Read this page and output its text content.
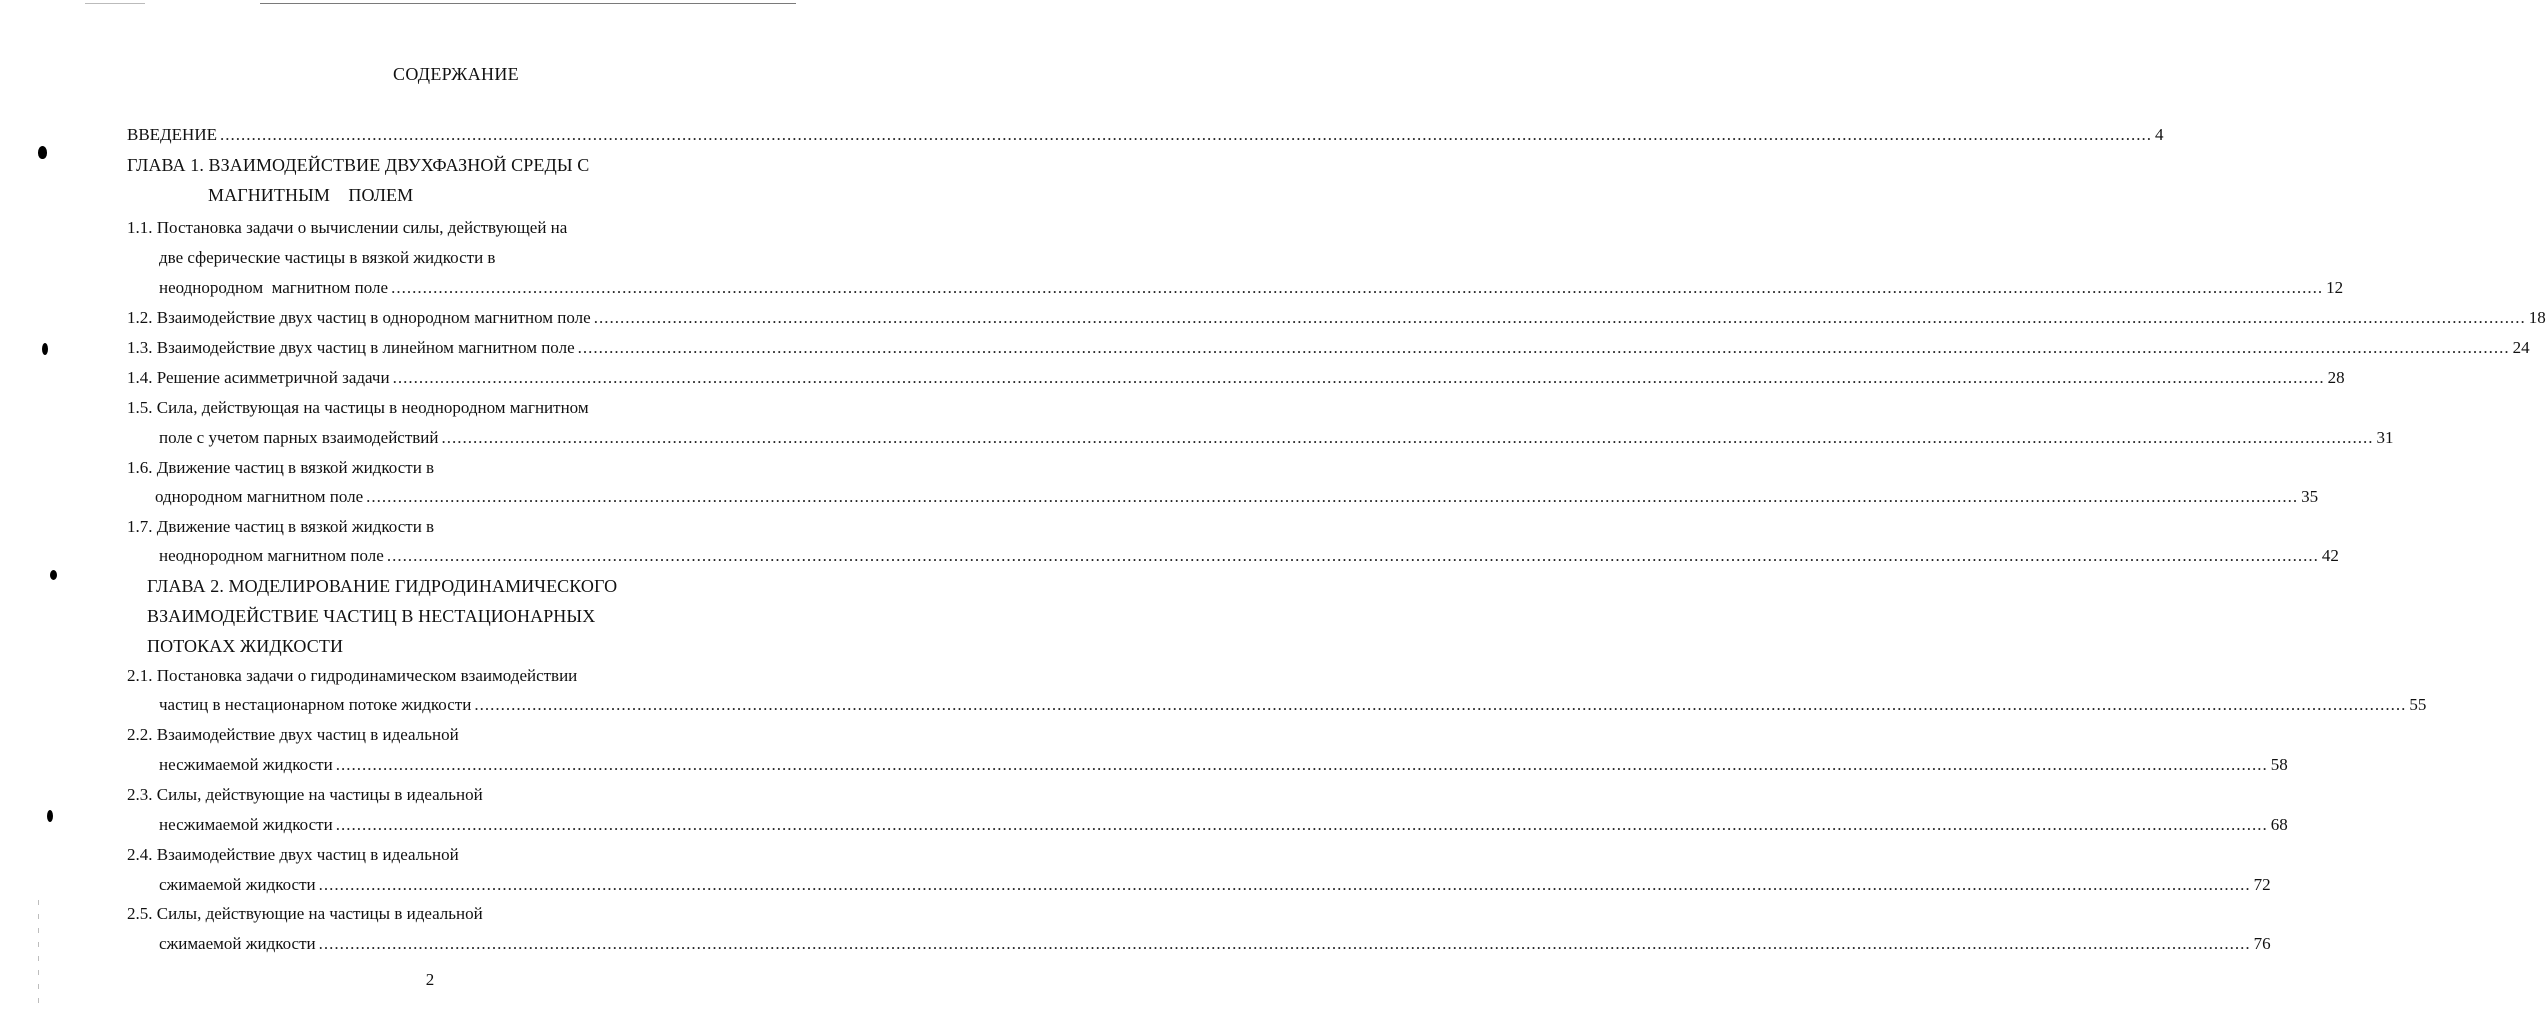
СОДЕРЖАНИЕ
ВВЕДЕНИЕ ................................................................................................................................................................................................................................................................................................................................................................................ 4
ГЛАВА 1. ВЗАИМОДЕЙСТВИЕ ДВУХФАЗНОЙ СРЕДЫ С
МАГНИТНЫМ    ПОЛЕМ
1.1. Постановка задачи о вычислении силы, действующей на
две сферические частицы в вязкой жидкости в
неоднородном  магнитном поле ................................................................................................................................................................................................................................................................................................................................................................................ 12
1.2. Взаимодействие двух частиц в однородном магнитном поле ................................................................................................................................................................................................................................................................................................................................................................................ 18
1.3. Взаимодействие двух частиц в линейном магнитном поле ................................................................................................................................................................................................................................................................................................................................................................................ 24
1.4. Решение асимметричной задачи ................................................................................................................................................................................................................................................................................................................................................................................ 28
1.5. Сила, действующая на частицы в неоднородном магнитном
поле с учетом парных взаимодействий ................................................................................................................................................................................................................................................................................................................................................................................ 31
1.6. Движение частиц в вязкой жидкости в
однородном магнитном поле ................................................................................................................................................................................................................................................................................................................................................................................ 35
1.7. Движение частиц в вязкой жидкости в
неоднородном магнитном поле ................................................................................................................................................................................................................................................................................................................................................................................ 42
ГЛАВА 2. МОДЕЛИРОВАНИЕ ГИДРОДИНАМИЧЕСКОГО
ВЗАИМОДЕЙСТВИЕ ЧАСТИЦ В НЕСТАЦИОНАРНЫХ
ПОТОКАХ ЖИДКОСТИ
2.1. Постановка задачи о гидродинамическом взаимодействии
частиц в нестационарном потоке жидкости ................................................................................................................................................................................................................................................................................................................................................................................ 55
2.2. Взаимодействие двух частиц в идеальной
несжимаемой жидкости ................................................................................................................................................................................................................................................................................................................................................................................ 58
2.3. Силы, действующие на частицы в идеальной
несжимаемой жидкости ................................................................................................................................................................................................................................................................................................................................................................................ 68
2.4. Взаимодействие двух частиц в идеальной
сжимаемой жидкости ................................................................................................................................................................................................................................................................................................................................................................................ 72
2.5. Силы, действующие на частицы в идеальной
сжимаемой жидкости ................................................................................................................................................................................................................................................................................................................................................................................ 76
2
